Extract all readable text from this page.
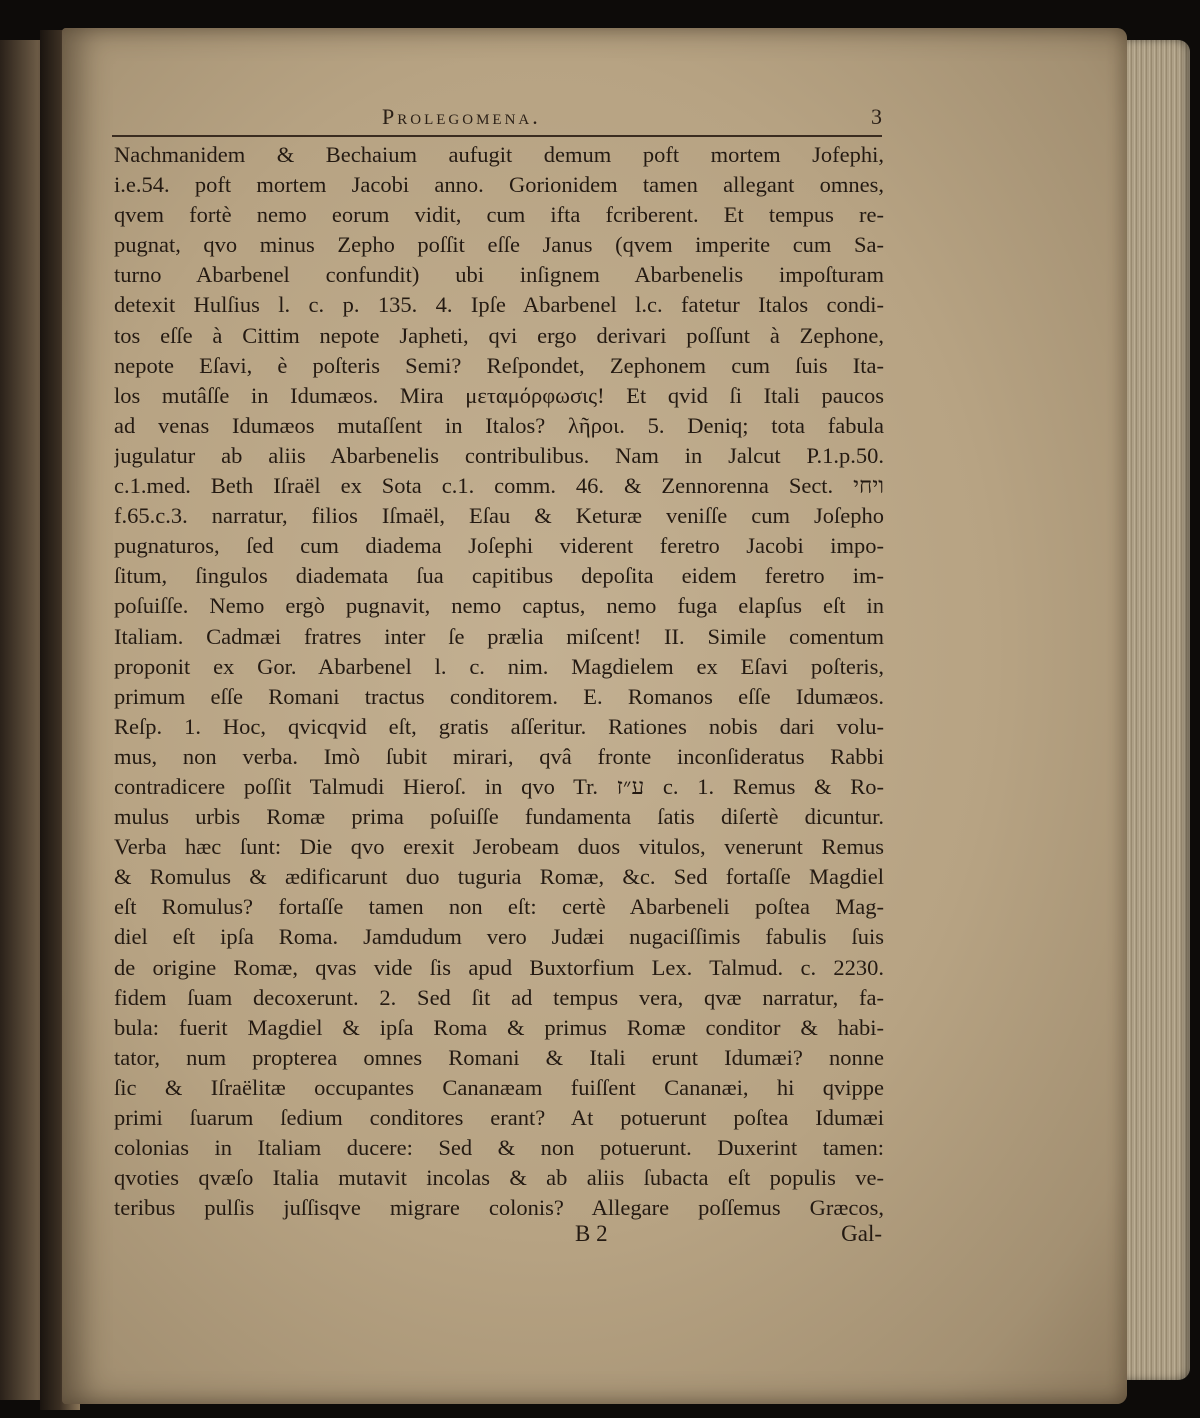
Prolegomena.	3
Nachmanidem & Bechaium aufugit demum poft mortem Jofephi,
i.e.54. poft mortem Jacobi anno. Gorionidem tamen allegant omnes,
qvem fortè nemo eorum vidit, cum ifta fcriberent. Et tempus re-
pugnat, qvo minus Zepho poſſit eſſe Janus (qvem imperite cum Sa-
turno Abarbenel confundit) ubi inſignem Abarbenelis impoſturam
detexit Hulſius l. c. p. 135. 4. Ipſe Abarbenel l.c. fatetur Italos condi-
tos eſſe à Cittim nepote Japheti, qvi ergo derivari poſſunt à Zephone,
nepote Eſavi, è poſteris Semi? Reſpondet, Zephonem cum ſuis Ita-
los mutâſſe in Idumæos. Mira μεταμόρφωσις! Et qvid ſi Itali paucos
ad venas Idumæos mutaſſent in Italos? λῆροι. 5. Deniq; tota fabula
jugulatur ab aliis Abarbenelis contribulibus. Nam in Jalcut P.1.p.50.
c.1.med. Beth Iſraël ex Sota c.1. comm. 46. & Zennorenna Sect. ויחי
f.65.c.3. narratur, filios Iſmaël, Eſau & Keturæ veniſſe cum Joſepho
pugnaturos, ſed cum diadema Joſephi viderent feretro Jacobi impo-
ſitum, ſingulos diademata ſua capitibus depoſita eidem feretro im-
poſuiſſe. Nemo ergò pugnavit, nemo captus, nemo fuga elapſus eſt in
Italiam. Cadmæi fratres inter ſe prælia miſcent! II. Simile comentum
proponit ex Gor. Abarbenel l. c. nim. Magdielem ex Eſavi poſteris,
primum eſſe Romani tractus conditorem. E. Romanos eſſe Idumæos.
Reſp. 1. Hoc, qvicqvid eſt, gratis aſſeritur. Rationes nobis dari volu-
mus, non verba. Imò ſubit mirari, qvâ fronte inconſideratus Rabbi
contradicere poſſit Talmudi Hieroſ. in qvo Tr. ע״ז c. 1. Remus & Ro-
mulus urbis Romæ prima poſuiſſe fundamenta ſatis diſertè dicuntur.
Verba hæc ſunt: Die qvo erexit Jerobeam duos vitulos, venerunt Remus
& Romulus & ædificarunt duo tuguria Romæ, &c. Sed fortaſſe Magdiel
eſt Romulus? fortaſſe tamen non eſt: certè Abarbeneli poſtea Mag-
diel eſt ipſa Roma. Jamdudum vero Judæi nugaciſſimis fabulis ſuis
de origine Romæ, qvas vide ſis apud Buxtorfium Lex. Talmud. c. 2230.
fidem ſuam decoxerunt. 2. Sed ſit ad tempus vera, qvæ narratur, fa-
bula: fuerit Magdiel & ipſa Roma & primus Romæ conditor & habi-
tator, num propterea omnes Romani & Itali erunt Idumæi? nonne
ſic & Iſraëlitæ occupantes Cananæam fuiſſent Cananæi, hi qvippe
primi ſuarum ſedium conditores erant? At potuerunt poſtea Idumæi
colonias in Italiam ducere: Sed & non potuerunt. Duxerint tamen:
qvoties qvæſo Italia mutavit incolas & ab aliis ſubacta eſt populis ve-
teribus pulſis juſſisqve migrare colonis? Allegare poſſemus Græcos,
B 2	Gal-
